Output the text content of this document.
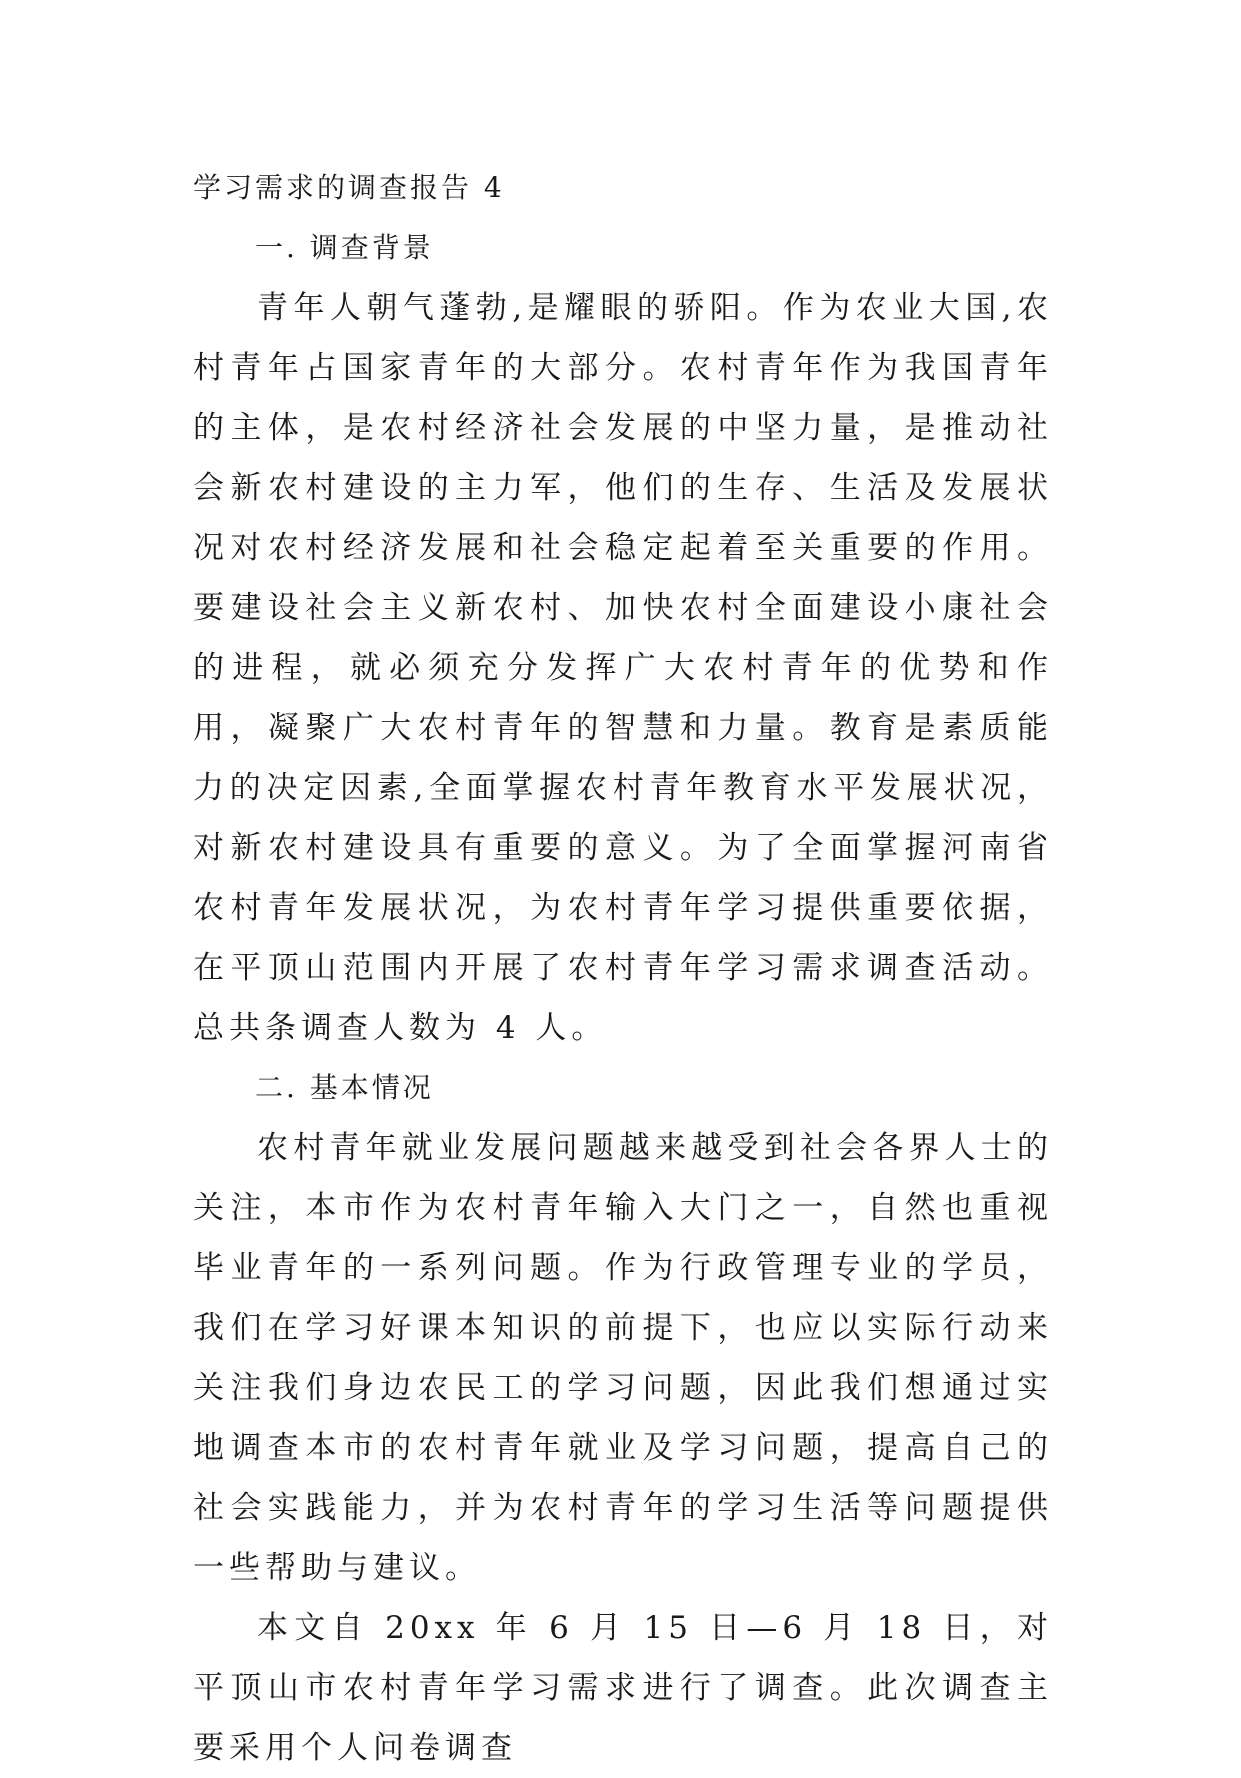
学习需求的调查报告 4
一. 调查背景

青年人朝气蓬勃,是耀眼的骄阳。作为农业大国,农村青年占国家青年的大部分。农村青年作为我国青年的主体，是农村经济社会发展的中坚力量，是推动社会新农村建设的主力军，他们的生存、生活及发展状况对农村经济发展和社会稳定起着至关重要的作用。要建设社会主义新农村、加快农村全面建设小康社会的进程，就必须充分发挥广大农村青年的优势和作用，凝聚广大农村青年的智慧和力量。教育是素质能力的决定因素,全面掌握农村青年教育水平发展状况，对新农村建设具有重要的意义。为了全面掌握河南省农村青年发展状况，为农村青年学习提供重要依据，在平顶山范围内开展了农村青年学习需求调查活动。总共条调查人数为 4 人。

二. 基本情况

农村青年就业发展问题越来越受到社会各界人士的关注，本市作为农村青年输入大门之一，自然也重视毕业青年的一系列问题。作为行政管理专业的学员，我们在学习好课本知识的前提下，也应以实际行动来关注我们身边农民工的学习问题，因此我们想通过实地调查本市的农村青年就业及学习问题，提高自己的社会实践能力，并为农村青年的学习生活等问题提供一些帮助与建议。

本文自 20xx 年 6 月 15 日—6 月 18 日，对平顶山市农村青年学习需求进行了调查。此次调查主要采用个人问卷调查
